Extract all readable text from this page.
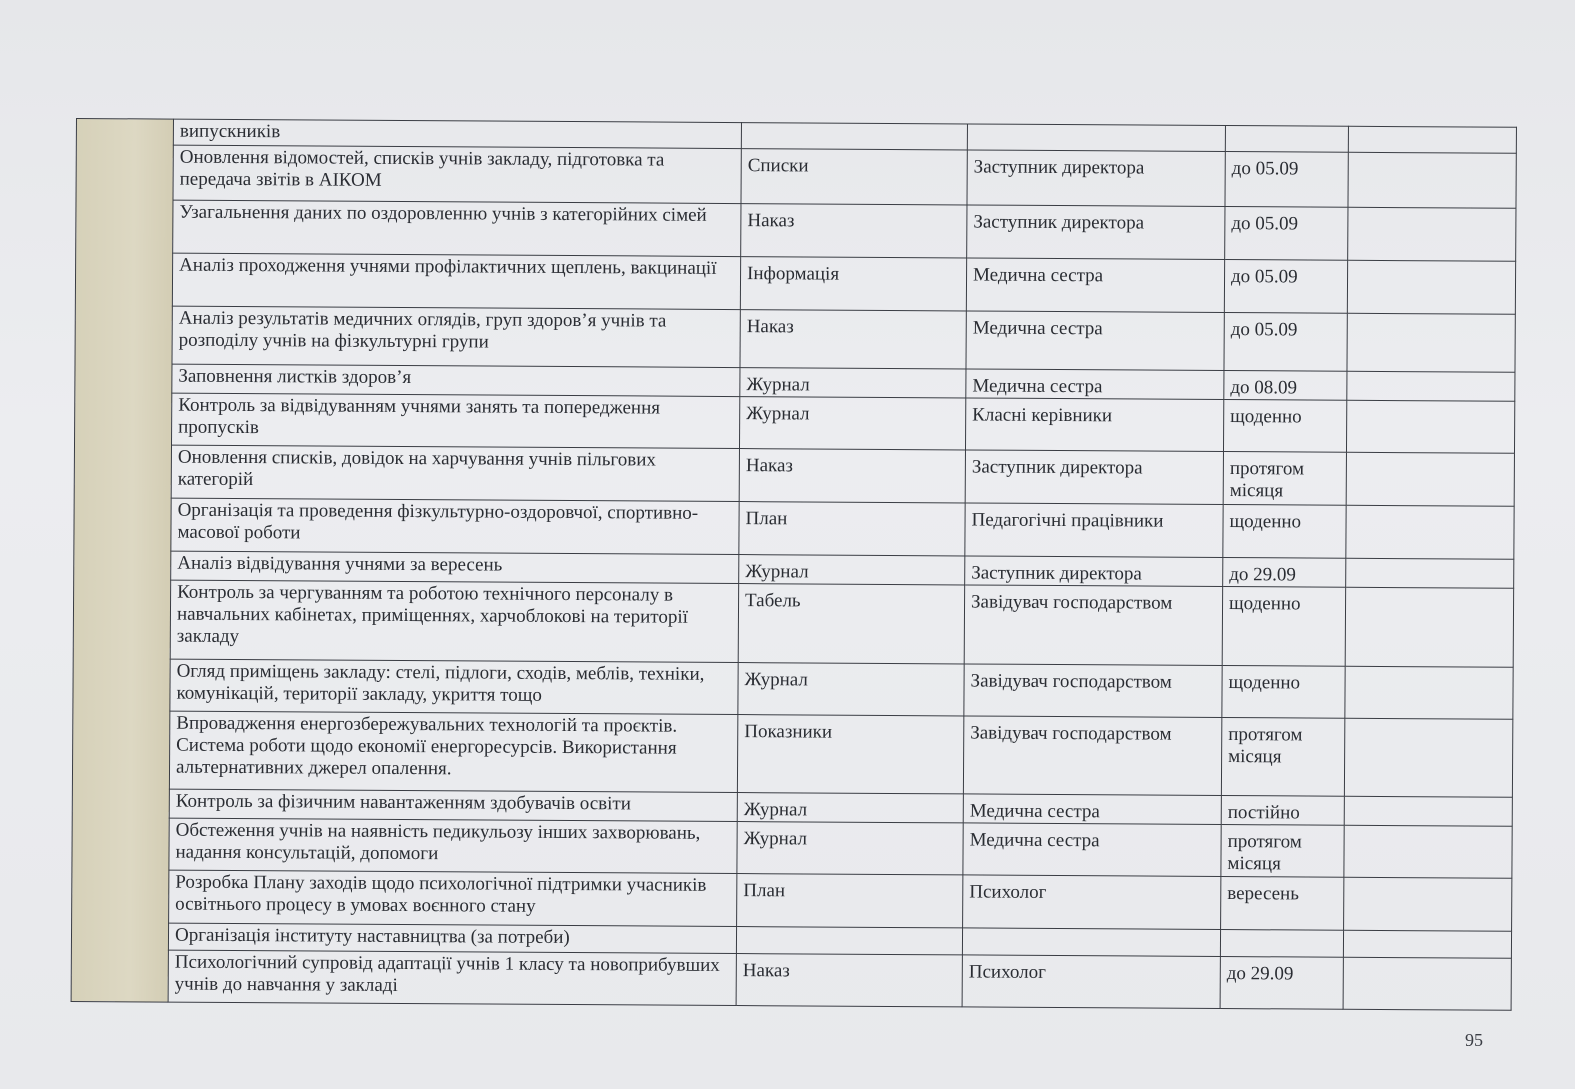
	випускників				
	Оновлення відомостей, списків учнів закладу, підготовка та передача звітів в АІКОМ	Списки	Заступник директора	до 05.09	
	Узагальнення даних по оздоровленню учнів з категорійних сімей	Наказ	Заступник директора	до 05.09	
	Аналіз проходження учнями профілактичних щеплень, вакцинації	Інформація	Медична сестра	до 05.09	
	Аналіз результатів медичних оглядів, груп здоров’я учнів та розподілу учнів на фізкультурні групи	Наказ	Медична сестра	до 05.09	
	Заповнення листків здоров’я	Журнал	Медична сестра	до 08.09	
	Контроль за відвідуванням учнями занять та попередження пропусків	Журнал	Класні керівники	щоденно	
	Оновлення списків, довідок на харчування учнів пільгових категорій	Наказ	Заступник директора	протягом місяця	
	Організація та проведення фізкультурно-оздоровчої, спортивно-масової роботи	План	Педагогічні працівники	щоденно	
	Аналіз відвідування учнями за вересень	Журнал	Заступник директора	до 29.09	
	Контроль за чергуванням та роботою технічного персоналу в навчальних кабінетах, приміщеннях, харчоблокові на території закладу	Табель	Завідувач господарством	щоденно	
	Огляд приміщень закладу: стелі, підлоги, сходів, меблів, техніки, комунікацій, території закладу, укриття тощо	Журнал	Завідувач господарством	щоденно	
	Впровадження енергозбережувальних технологій та проєктів. Система роботи щодо економії енергоресурсів. Використання альтернативних джерел опалення.	Показники	Завідувач господарством	протягом місяця	
	Контроль за фізичним навантаженням здобувачів освіти	Журнал	Медична сестра	постійно	
	Обстеження учнів на наявність педикульозу інших захворювань, надання консультацій, допомоги	Журнал	Медична сестра	протягом місяця	
	Розробка Плану заходів щодо психологічної підтримки учасників освітнього процесу в умовах воєнного стану	План	Психолог	вересень	
	Організація інституту наставництва (за потреби)				
	Психологічний супровід адаптації учнів 1 класу та новоприбувших учнів до навчання у закладі	Наказ	Психолог	до 29.09	
95
